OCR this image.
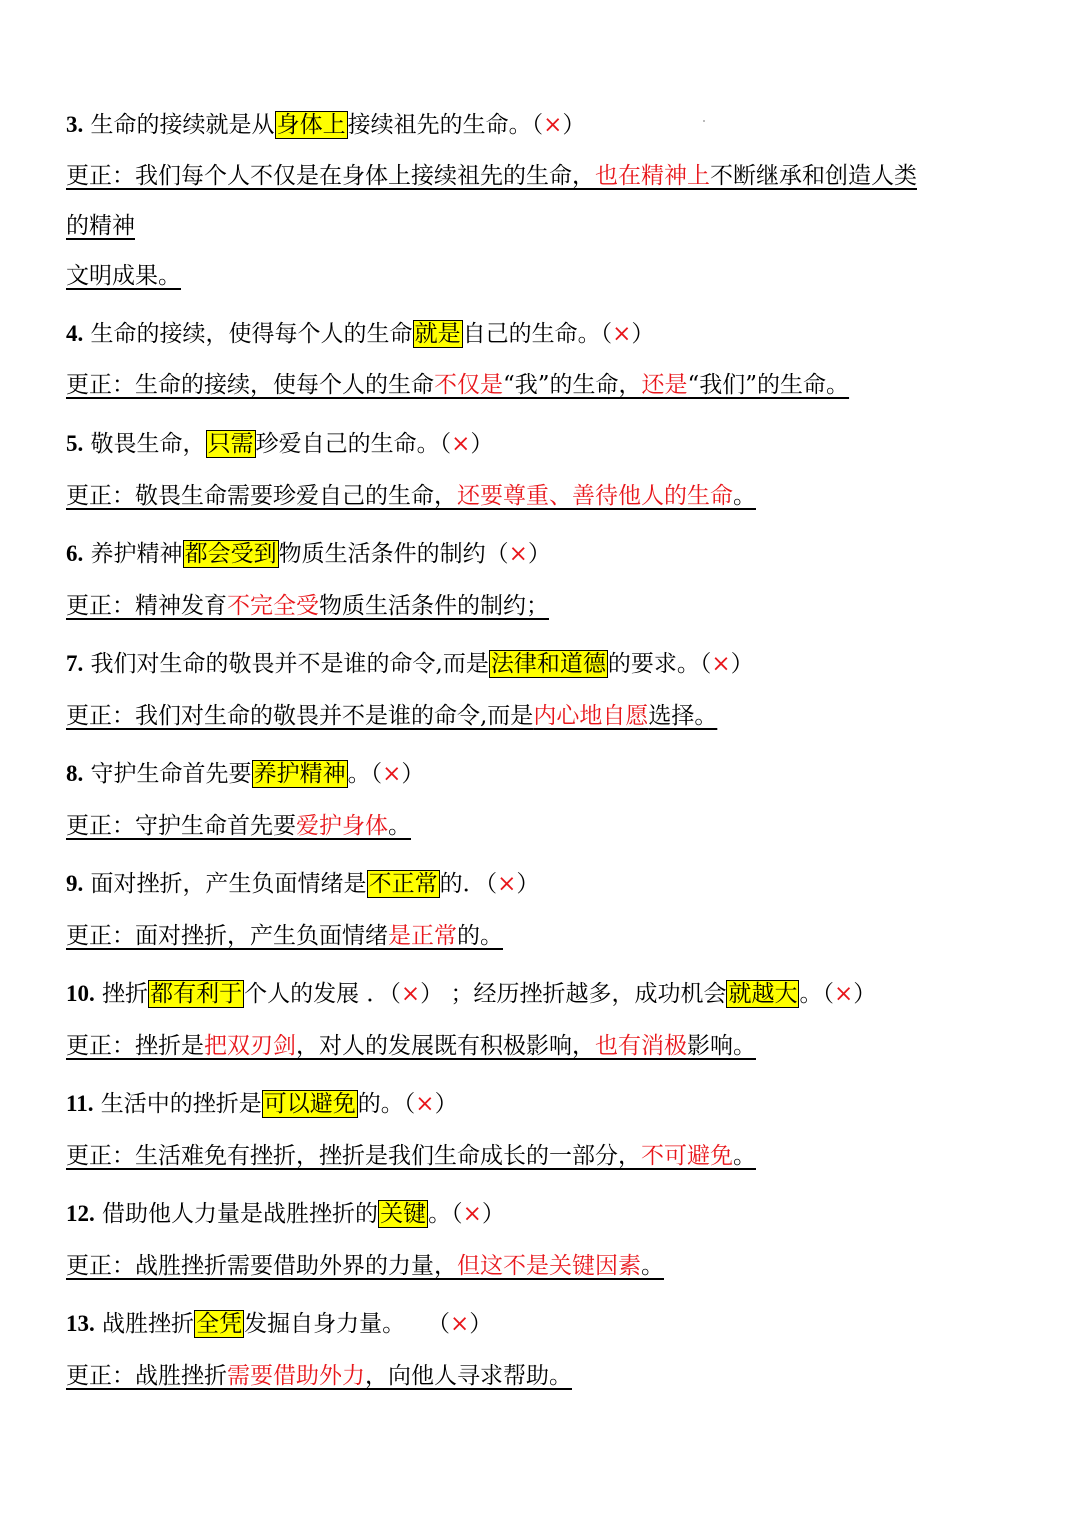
3. 生命的接续就是从身体上接续祖先的生命。（×）
更正：我们每个人不仅是在身体上接续祖先的生命，也在精神上不断继承和创造人类
的精神
文明成果。
4. 生命的接续，使得每个人的生命就是自己的生命。（×）
更正：生命的接续，使每个人的生命不仅是“我”的生命，还是“我们”的生命。
5. 敬畏生命，只需珍爱自己的生命。（×）
更正：敬畏生命需要珍爱自己的生命，还要尊重、善待他人的生命。
6. 养护精神都会受到物质生活条件的制约（×）
更正：精神发育不完全受物质生活条件的制约；
7. 我们对生命的敬畏并不是谁的命令,而是法律和道德的要求。（×）
更正：我们对生命的敬畏并不是谁的命令,而是内心地自愿选择。
8. 守护生命首先要养护精神。（×）
更正：守护生命首先要爱护身体。
9. 面对挫折，产生负面情绪是不正常的．（×）
更正：面对挫折，产生负面情绪是正常的。
10. 挫折都有利于个人的发展 ．（×） ；经历挫折越多，成功机会就越大。（×）
更正：挫折是把双刃剑，对人的发展既有积极影响，也有消极影响。
11. 生活中的挫折是可以避免的。（×）
更正：生活难免有挫折，挫折是我们生命成长的一部分，不可避免。
12. 借助他人力量是战胜挫折的关键。（×）
更正：战胜挫折需要借助外界的力量，但这不是关键因素。
13. 战胜挫折全凭发掘自身力量。   （×）
更正：战胜挫折需要借助外力，向他人寻求帮助。
